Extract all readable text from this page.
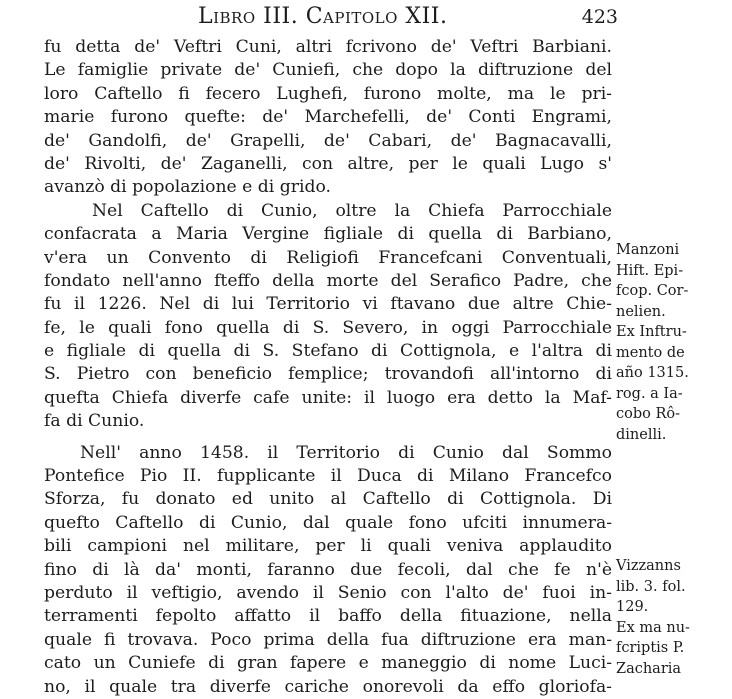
Libro III. Capitolo XII.	423
fu detta de' Veftri Cuni, altri fcrivono de' Veftri Barbiani.
Le famiglie private de' Cuniefi, che dopo la diftruzione del
loro Caftello fi fecero Lughefi, furono molte, ma le pri-
marie furono quefte: de' Marchefelli, de' Conti Engrami,
de' Gandolfi, de' Grapelli, de' Cabari, de' Bagnacavalli,
de' Rivolti, de' Zaganelli, con altre, per le quali Lugo s'
avanzò di popolazione e di grido.
Nel Caftello di Cunio, oltre la Chiefa Parrocchiale
confacrata a Maria Vergine figliale di quella di Barbiano,
v'era un Convento di Religiofi Francefcani Conventuali,
fondato nell'anno fteffo della morte del Serafico Padre, che
fu il 1226. Nel di lui Territorio vi ftavano due altre Chie-
fe, le quali fono quella di S. Severo, in oggi Parrocchiale
e figliale di quella di S. Stefano di Cottignola, e l'altra di
S. Pietro con beneficio femplice; trovandofi all'intorno di
quefta Chiefa diverfe cafe unite: il luogo era detto la Maf-
fa di Cunio.
Nell' anno 1458. il Territorio di Cunio dal Sommo
Pontefice Pio II. fupplicante il Duca di Milano Francefco
Sforza, fu donato ed unito al Caftello di Cottignola. Di
quefto Caftello di Cunio, dal quale fono ufciti innumera-
bili campioni nel militare, per li quali veniva applaudito
fino di là da' monti, faranno due fecoli, dal che fe n'è
perduto il veftigio, avendo il Senio con l'alto de' fuoi in-
terramenti fepolto affatto il baffo della fituazione, nella
quale fi trovava. Poco prima della fua diftruzione era man-
cato un Cuniefe di gran fapere e maneggio di nome Luci-
no, il quale tra diverfe cariche onorevoli da effo gloriofa-
Manzoni
Hift. Epi-
fcop. Cor-
nelien.
Ex Inftru-
mento de
año 1315.
rog. a Ia-
cobo Rô-
dinelli.
Vizzanns
lib. 3. fol.
129.
Ex ma nu-
fcriptis P.
Zacharia
